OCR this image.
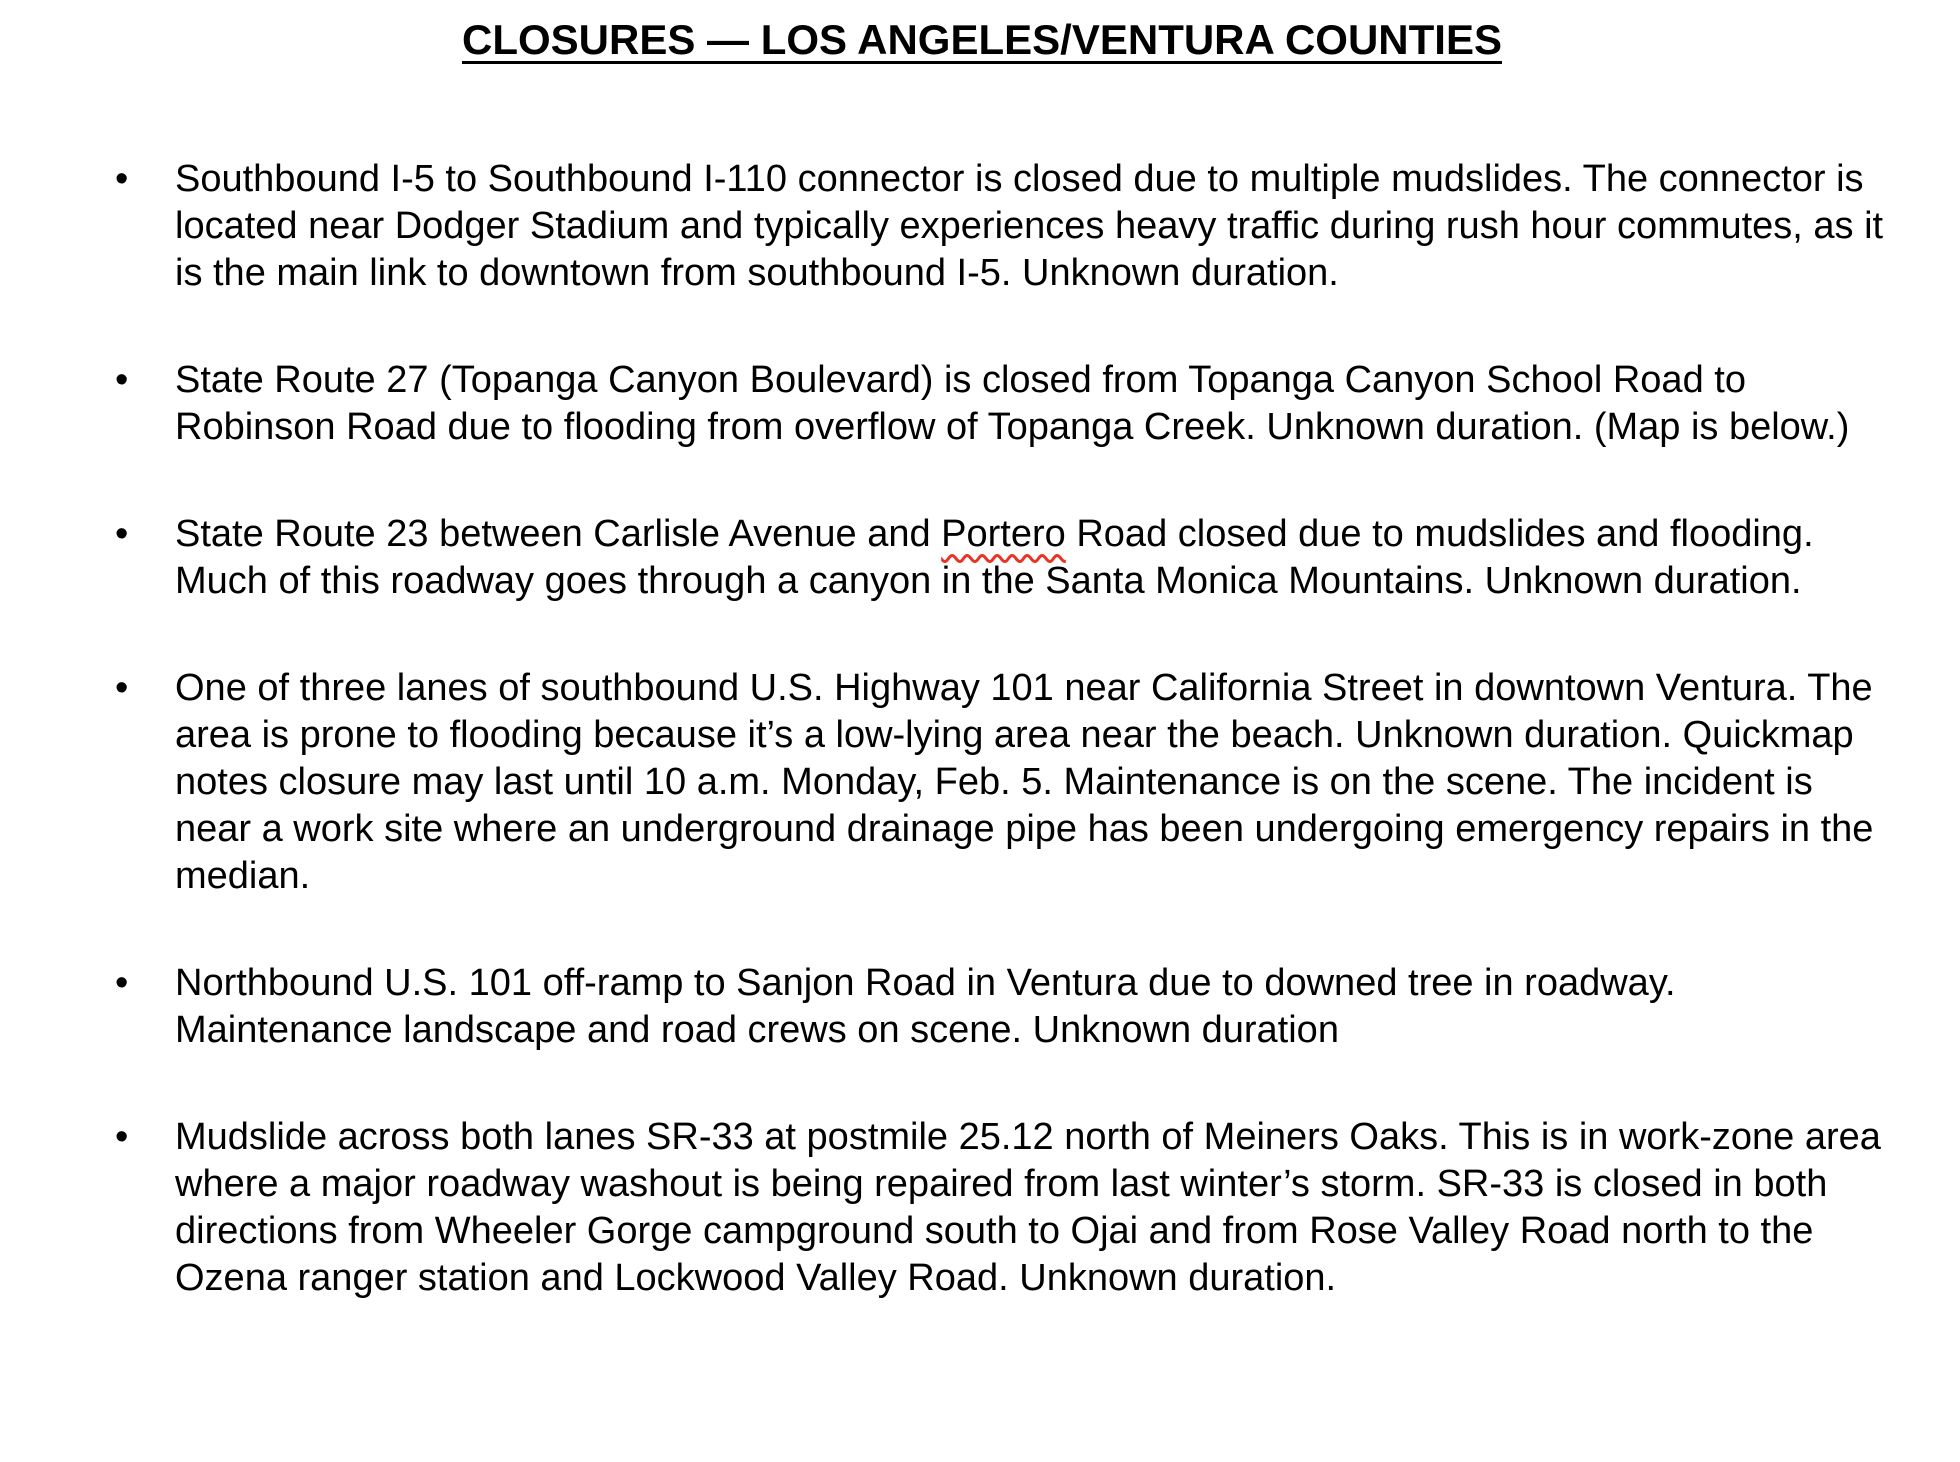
CLOSURES — LOS ANGELES/VENTURA COUNTIES
•	Southbound I-5 to Southbound I-110 connector is closed due to multiple mudslides. The connector is located near Dodger Stadium and typically experiences heavy traffic during rush hour commutes, as it is the main link to downtown from southbound I-5. Unknown duration.
•	State Route 27 (Topanga Canyon Boulevard) is closed from Topanga Canyon School Road to Robinson Road due to flooding from overflow of Topanga Creek. Unknown duration. (Map is below.)
•	State Route 23 between Carlisle Avenue and Portero Road closed due to mudslides and flooding. Much of this roadway goes through a canyon in the Santa Monica Mountains. Unknown duration.
•	One of three lanes of southbound U.S. Highway 101 near California Street in downtown Ventura. The area is prone to flooding because it’s a low-lying area near the beach. Unknown duration. Quickmap notes closure may last until 10 a.m. Monday, Feb. 5. Maintenance is on the scene. The incident is near a work site where an underground drainage pipe has been undergoing emergency repairs in the median.
•	Northbound U.S. 101 off-ramp to Sanjon Road in Ventura due to downed tree in roadway. Maintenance landscape and road crews on scene. Unknown duration
•	Mudslide across both lanes SR-33 at postmile 25.12 north of Meiners Oaks. This is in work-zone area where a major roadway washout is being repaired from last winter’s storm. SR-33 is closed in both directions from Wheeler Gorge campground south to Ojai and from Rose Valley Road north to the Ozena ranger station and Lockwood Valley Road. Unknown duration.
